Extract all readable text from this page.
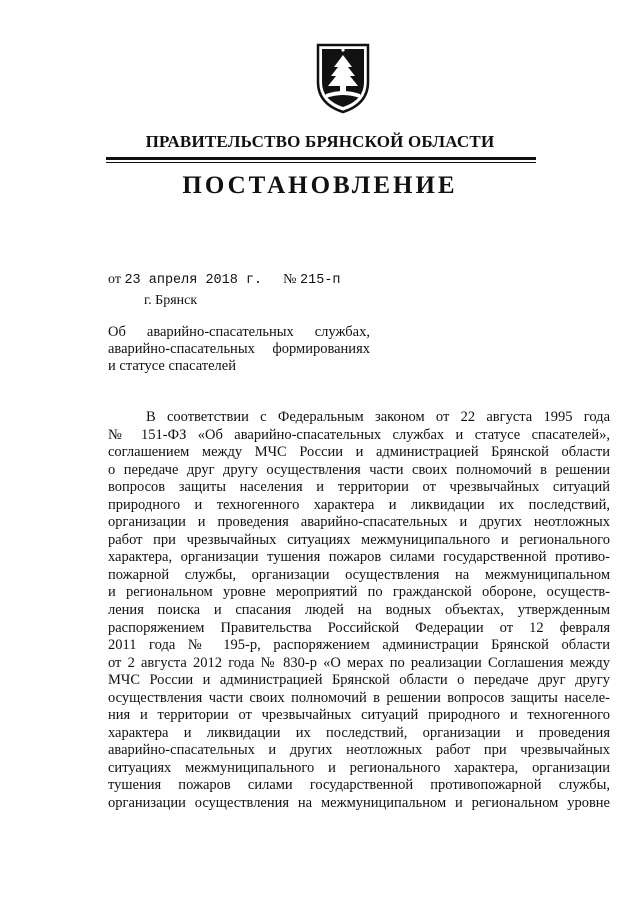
ПРАВИТЕЛЬСТВО БРЯНСКОЙ ОБЛАСТИ
ПОСТАНОВЛЕНИЕ
от 23 апреля 2018 г. № 215-п
г. Брянск
Об аварийно-спасательных службах,
аварийно-спасательных формированиях
и статусе спасателей
В соответствии с Федеральным законом от 22 августа 1995 года
№ 151-ФЗ «Об аварийно-спасательных службах и статусе спасателей»,
соглашением между МЧС России и администрацией Брянской области
о передаче друг другу осуществления части своих полномочий в решении
вопросов защиты населения и территории от чрезвычайных ситуаций
природного и техногенного характера и ликвидации их последствий,
организации и проведения аварийно-спасательных и других неотложных
работ при чрезвычайных ситуациях межмуниципального и регионального
характера, организации тушения пожаров силами государственной противо-
пожарной службы, организации осуществления на межмуниципальном
и региональном уровне мероприятий по гражданской обороне, осуществ-
ления поиска и спасания людей на водных объектах, утвержденным
распоряжением Правительства Российской Федерации от 12 февраля
2011 года № 195-р, распоряжением администрации Брянской области
от 2 августа 2012 года № 830-р «О мерах по реализации Соглашения между
МЧС России и администрацией Брянской области о передаче друг другу
осуществления части своих полномочий в решении вопросов защиты населе-
ния и территории от чрезвычайных ситуаций природного и техногенного
характера и ликвидации их последствий, организации и проведения
аварийно-спасательных и других неотложных работ при чрезвычайных
ситуациях межмуниципального и регионального характера, организации
тушения пожаров силами государственной противопожарной службы,
организации осуществления на межмуниципальном и региональном уровне
